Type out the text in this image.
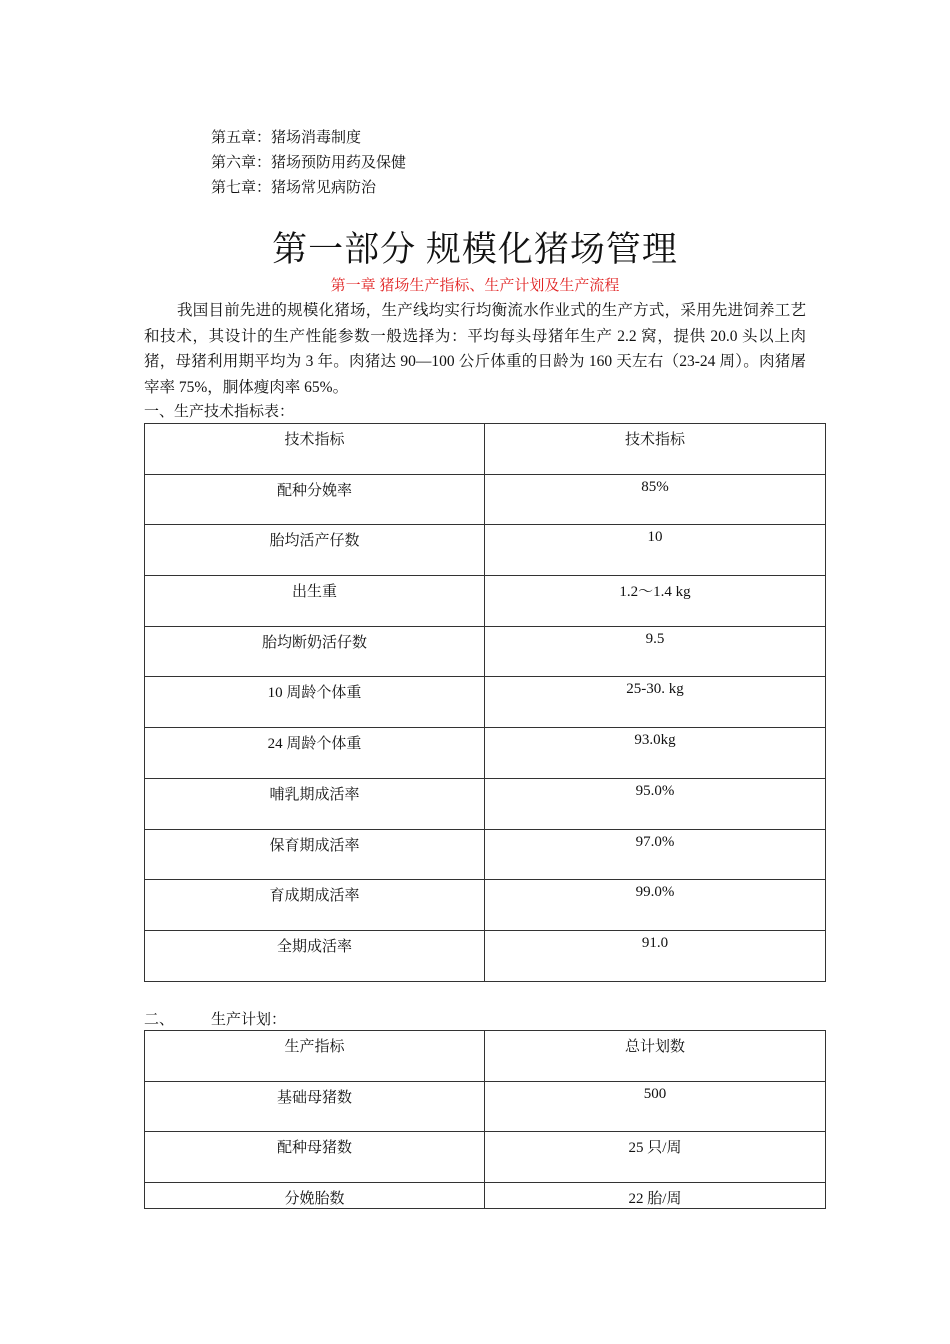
第五章：猪场消毒制度
第六章：猪场预防用药及保健
第七章：猪场常见病防治
第一部分 规模化猪场管理
第一章 猪场生产指标、生产计划及生产流程

我国目前先进的规模化猪场，生产线均实行均衡流水作业式的生产方式，采用先进饲养工艺和技术，其设计的生产性能参数一般选择为：平均每头母猪年生产 2.2 窝，提供 20.0 头以上肉猪，母猪利用期平均为 3 年。肉猪达 90—100 公斤体重的日龄为 160 天左右（23-24 周）。肉猪屠宰率 75%，胴体瘦肉率 65%。

一、生产技术指标表：
技术指标	技术指标
配种分娩率	85%
胎均活产仔数	10
出生重	1.2～1.4 kg
胎均断奶活仔数	9.5
10 周龄个体重	25-30. kg
24 周龄个体重	93.0kg
哺乳期成活率	95.0%
保育期成活率	97.0%
育成期成活率	99.0%
全期成活率	91.0
二、 生产计划：
生产指标	总计划数
基础母猪数	500
配种母猪数	25 只/周
分娩胎数	22 胎/周
